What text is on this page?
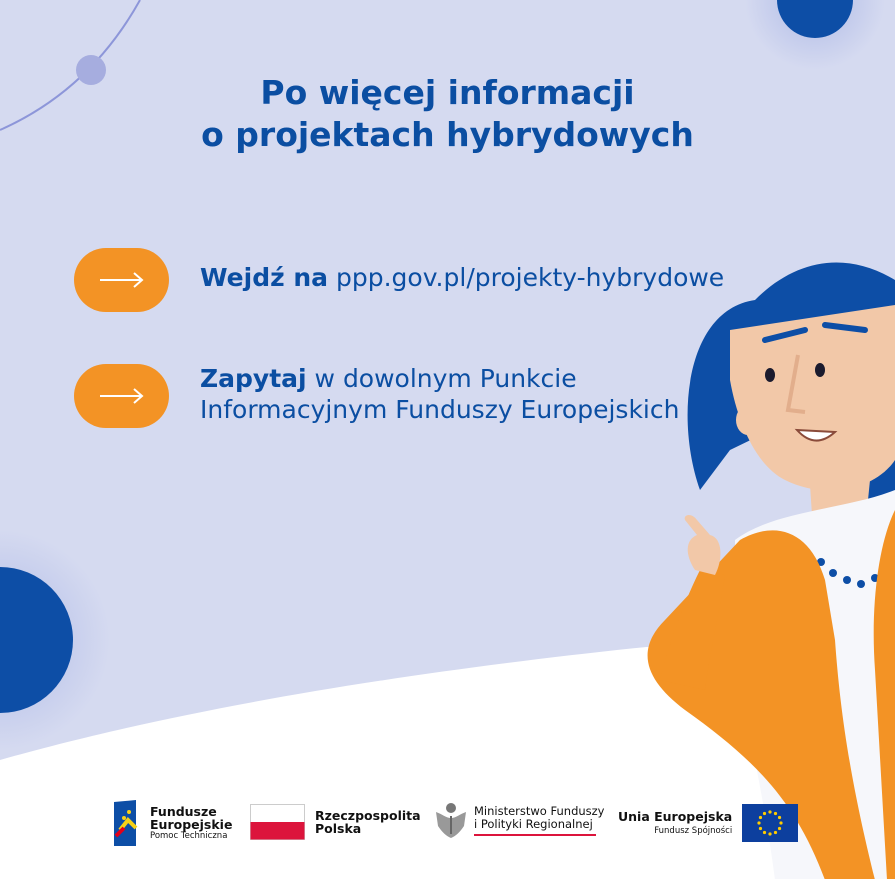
Po więcej informacji
o projektach hybrydowych
Wejdź na ppp.gov.pl/projekty-hybrydowe
Zapytaj w dowolnym Punkcie
Informacyjnym Funduszy Europejskich
Fundusze
Europejskie
Pomoc Techniczna
Rzeczpospolita
Polska
Ministerstwo Funduszy
i Polityki Regionalnej	Unia Europejska
Fundusz Spójności
